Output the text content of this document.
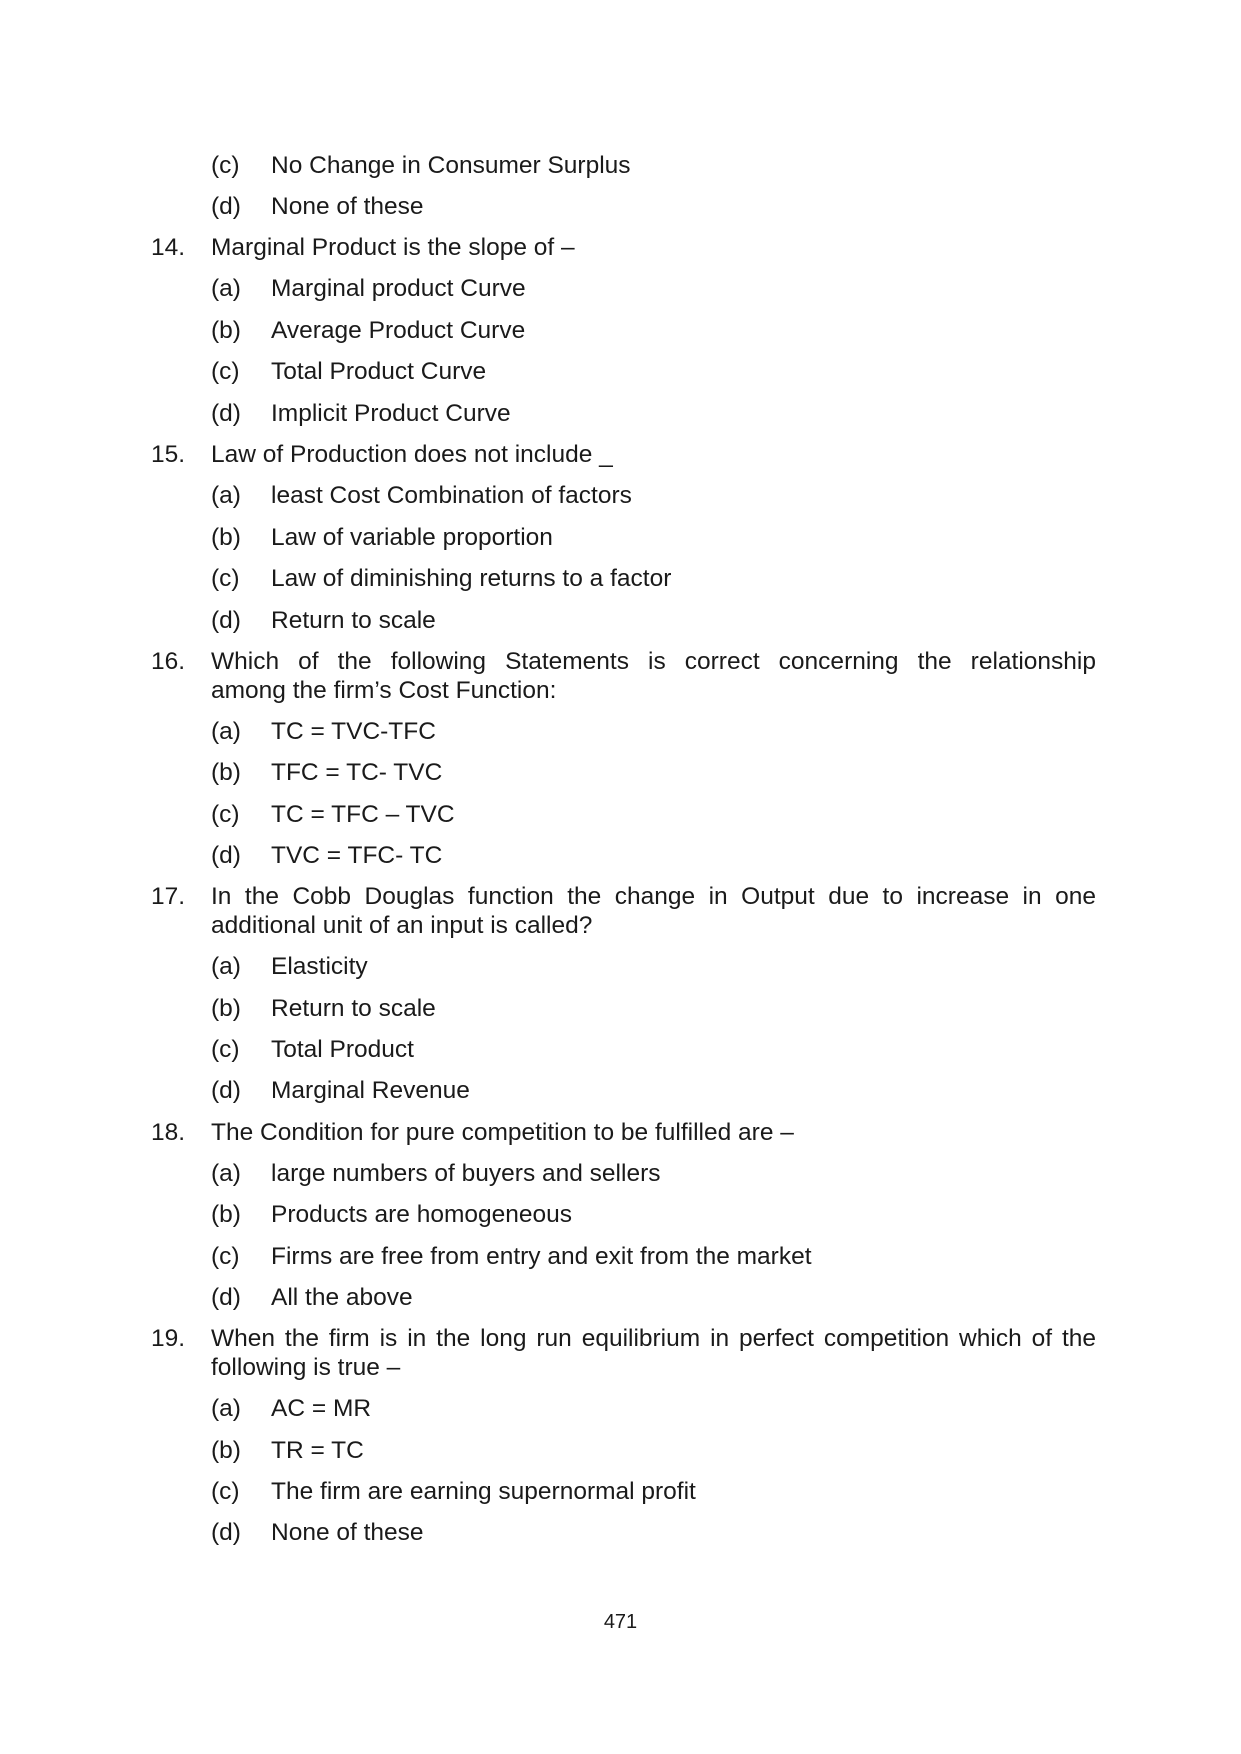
(c) No Change in Consumer Surplus
(d) None of these
14. Marginal Product is the slope of –
(a) Marginal product Curve
(b) Average Product Curve
(c) Total Product Curve
(d) Implicit Product Curve
15. Law of Production does not include _
(a) least Cost Combination of factors
(b) Law of variable proportion
(c) Law of diminishing returns to a factor
(d) Return to scale
16. Which of the following Statements is correct concerning the relationship
among the firm’s Cost Function:
(a) TC = TVC-TFC
(b) TFC = TC- TVC
(c) TC = TFC – TVC
(d) TVC = TFC- TC
17. In the Cobb Douglas function the change in Output due to increase in one
additional unit of an input is called?
(a) Elasticity
(b) Return to scale
(c) Total Product
(d) Marginal Revenue
18. The Condition for pure competition to be fulfilled are –
(a) large numbers of buyers and sellers
(b) Products are homogeneous
(c) Firms are free from entry and exit from the market
(d) All the above
19. When the firm is in the long run equilibrium in perfect competition which of the
following is true –
(a) AC = MR
(b) TR = TC
(c) The firm are earning supernormal profit
(d) None of these
471
